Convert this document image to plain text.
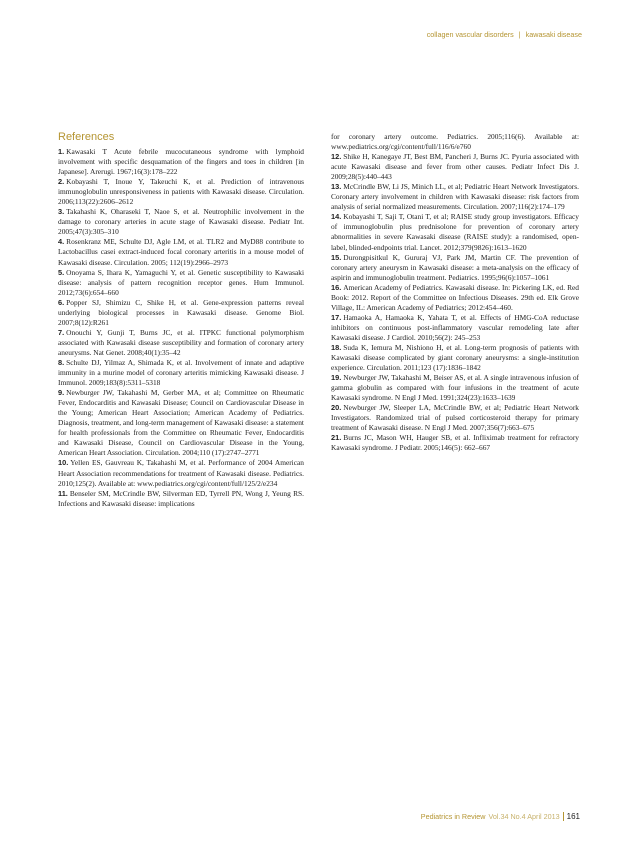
collagen vascular disorders | kawasaki disease
References

1. Kawasaki T Acute febrile mucocutaneous syndrome with lymphoid involvement with specific desquamation of the fingers and toes in children [in Japanese]. Arerugi. 1967;16(3):178–222

2. Kobayashi T, Inoue Y, Takeuchi K, et al. Prediction of intravenous immunoglobulin unresponsiveness in patients with Kawasaki disease. Circulation. 2006;113(22):2606–2612

3. Takahashi K, Oharaseki T, Naoe S, et al. Neutrophilic involvement in the damage to coronary arteries in acute stage of Kawasaki disease. Pediatr Int. 2005;47(3):305–310

4. Rosenkranz ME, Schulte DJ, Agle LM, et al. TLR2 and MyD88 contribute to Lactobacillus casei extract-induced focal coronary arteritis in a mouse model of Kawasaki disease. Circulation. 2005; 112(19):2966–2973

5. Onoyama S, Ihara K, Yamaguchi Y, et al. Genetic susceptibility to Kawasaki disease: analysis of pattern recognition receptor genes. Hum Immunol. 2012;73(6):654–660

6. Popper SJ, Shimizu C, Shike H, et al. Gene-expression patterns reveal underlying biological processes in Kawasaki disease. Genome Biol. 2007;8(12):R261

7. Onouchi Y, Gunji T, Burns JC, et al. ITPKC functional polymorphism associated with Kawasaki disease susceptibility and formation of coronary artery aneurysms. Nat Genet. 2008;40(1):35–42

8. Schulte DJ, Yilmaz A, Shimada K, et al. Involvement of innate and adaptive immunity in a murine model of coronary arteritis mimicking Kawasaki disease. J Immunol. 2009;183(8):5311–5318

9. Newburger JW, Takahashi M, Gerber MA, et al; Committee on Rheumatic Fever, Endocarditis and Kawasaki Disease; Council on Cardiovascular Disease in the Young; American Heart Association; American Academy of Pediatrics. Diagnosis, treatment, and long-term management of Kawasaki disease: a statement for health professionals from the Committee on Rheumatic Fever, Endocarditis and Kawasaki Disease, Council on Cardiovascular Disease in the Young, American Heart Association. Circulation. 2004;110 (17):2747–2771

10. Yellen ES, Gauvreau K, Takahashi M, et al. Performance of 2004 American Heart Association recommendations for treatment of Kawasaki disease. Pediatrics. 2010;125(2). Available at: www.pediatrics.org/cgi/content/full/125/2/e234

11. Benseler SM, McCrindle BW, Silverman ED, Tyrrell PN, Wong J, Yeung RS. Infections and Kawasaki disease: implications

for coronary artery outcome. Pediatrics. 2005;116(6). Available at: www.pediatrics.org/cgi/content/full/116/6/e760

12. Shike H, Kanegaye JT, Best BM, Pancheri J, Burns JC. Pyuria associated with acute Kawasaki disease and fever from other causes. Pediatr Infect Dis J. 2009;28(5):440–443

13. McCrindle BW, Li JS, Minich LL, et al; Pediatric Heart Network Investigators. Coronary artery involvement in children with Kawasaki disease: risk factors from analysis of serial normalized measurements. Circulation. 2007;116(2):174–179

14. Kobayashi T, Saji T, Otani T, et al; RAISE study group investigators. Efficacy of immunoglobulin plus prednisolone for prevention of coronary artery abnormalities in severe Kawasaki disease (RAISE study): a randomised, open-label, blinded-endpoints trial. Lancet. 2012;379(9826):1613–1620

15. Durongpisitkul K, Gururaj VJ, Park JM, Martin CF. The prevention of coronary artery aneurysm in Kawasaki disease: a meta-analysis on the efficacy of aspirin and immunoglobulin treatment. Pediatrics. 1995;96(6):1057–1061

16. American Academy of Pediatrics. Kawasaki disease. In: Pickering LK, ed. Red Book: 2012. Report of the Committee on Infectious Diseases. 29th ed. Elk Grove Village, IL: American Academy of Pediatrics; 2012:454–460.

17. Hamaoka A, Hamaoka K, Yahata T, et al. Effects of HMG-CoA reductase inhibitors on continuous post-inflammatory vascular remodeling late after Kawasaki disease. J Cardiol. 2010;56(2): 245–253

18. Suda K, Iemura M, Nishiono H, et al. Long-term prognosis of patients with Kawasaki disease complicated by giant coronary aneurysms: a single-institution experience. Circulation. 2011;123 (17):1836–1842

19. Newburger JW, Takahashi M, Beiser AS, et al. A single intravenous infusion of gamma globulin as compared with four infusions in the treatment of acute Kawasaki syndrome. N Engl J Med. 1991;324(23):1633–1639

20. Newburger JW, Sleeper LA, McCrindle BW, et al; Pediatric Heart Network Investigators. Randomized trial of pulsed corticosteroid therapy for primary treatment of Kawasaki disease. N Engl J Med. 2007;356(7):663–675

21. Burns JC, Mason WH, Hauger SB, et al. Infliximab treatment for refractory Kawasaki syndrome. J Pediatr. 2005;146(5): 662–667

Pediatrics in Review Vol.34 No.4 April 2013 161
